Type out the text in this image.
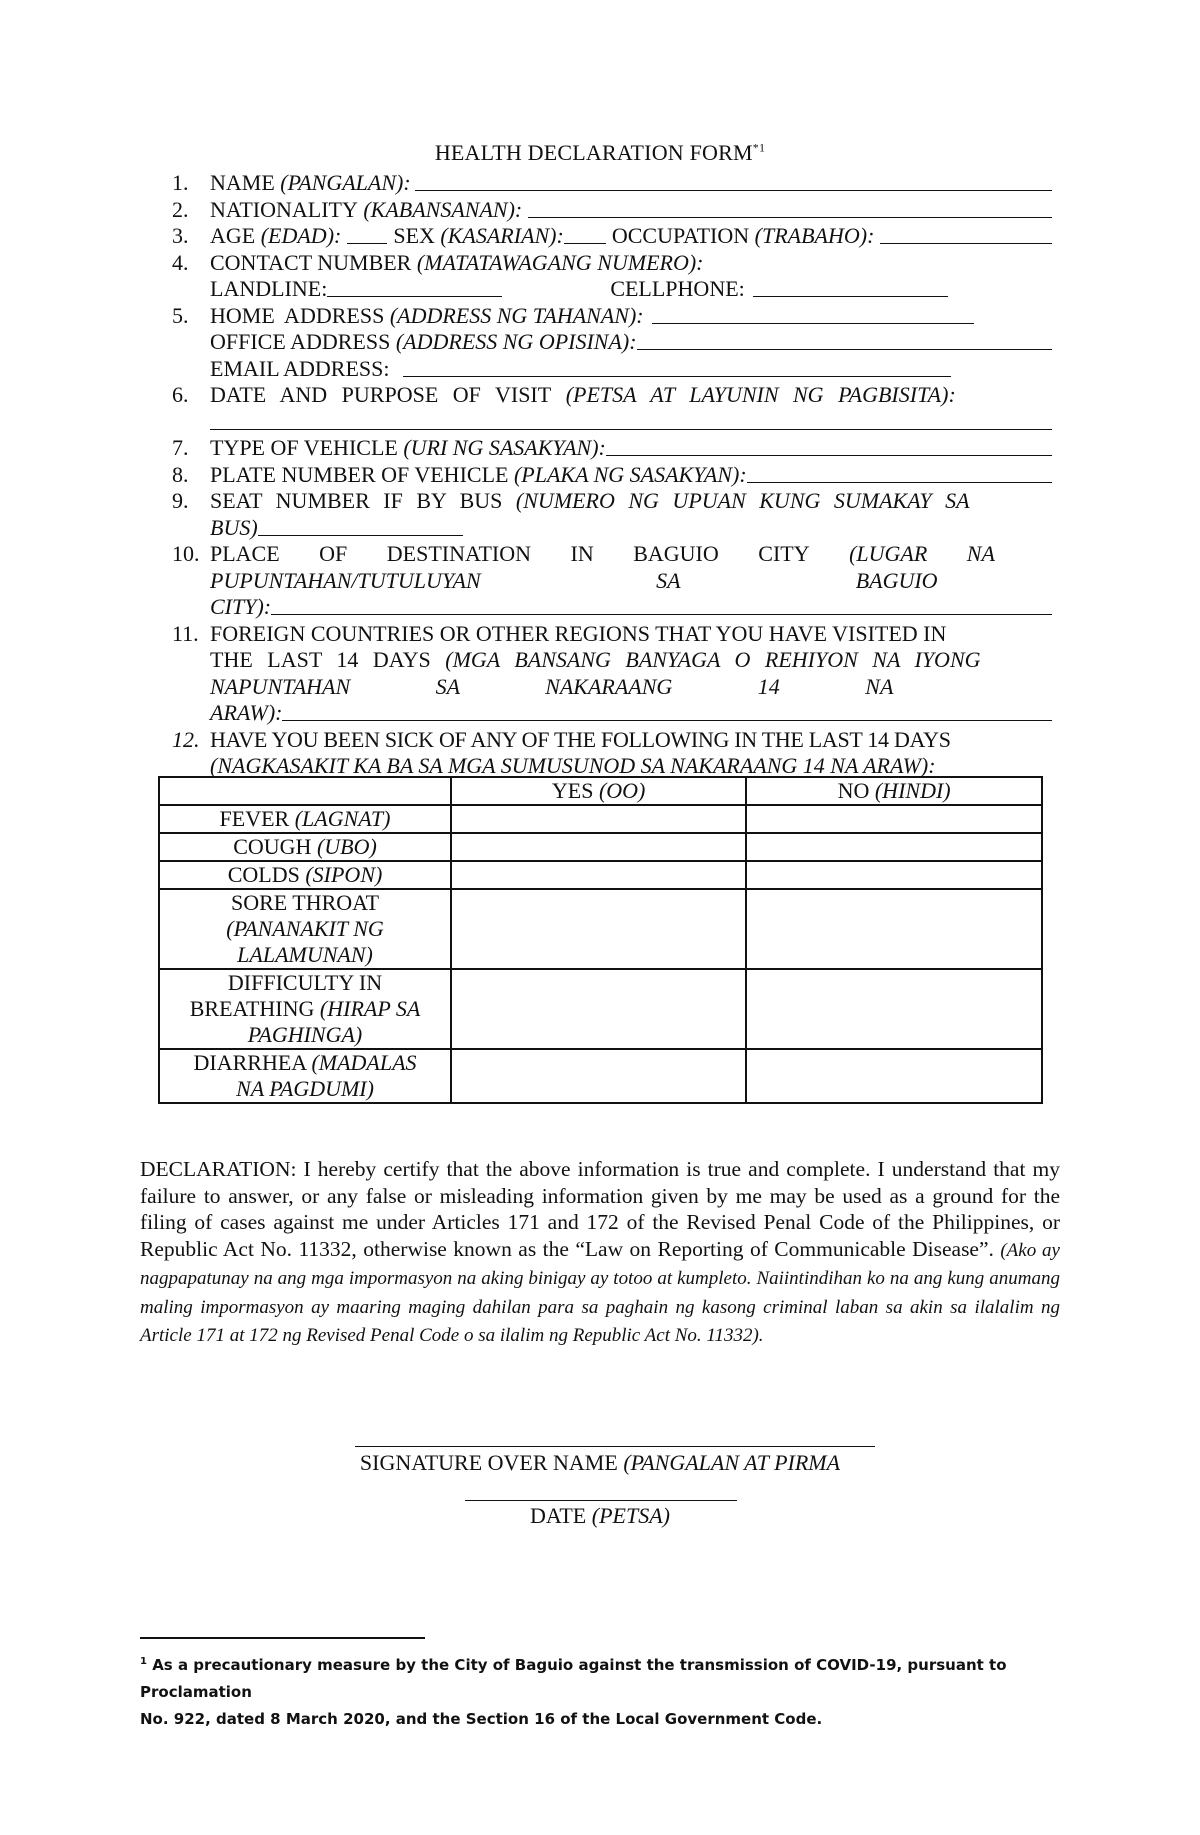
HEALTH DECLARATION FORM$^{*1}$
1. NAME
(PANGALAN):
2. NATIONALITY
(KABANSANAN):
3. AGE
(EDAD): SEX
(KASARIAN): OCCUPATION
(TRABAHO):
4. CONTACT NUMBER (MATATAWAGANG NUMERO):
LANDLINE:	CELLPHONE:
5. HOME ADDRESS
(ADDRESS NG TAHANAN):
OFFICE ADDRESS
(ADDRESS NG OPISINA):
EMAIL ADDRESS:
6. DATE AND PURPOSE OF VISIT (PETSA AT LAYUNIN NG PAGBISITA):
7. TYPE OF VEHICLE
(URI NG SASAKYAN):
8. PLATE NUMBER OF VEHICLE
(PLAKA NG SASAKYAN):
9. SEAT NUMBER IF BY BUS (NUMERO NG UPUAN KUNG SUMAKAY SA
BUS)
10. PLACE OF DESTINATION IN BAGUIO CITY (LUGAR NA
PUPUNTAHAN/TUTULUYAN SA BAGUIO
CITY):
11. FOREIGN COUNTRIES OR OTHER REGIONS THAT YOU HAVE VISITED IN
THE LAST 14 DAYS (MGA BANSANG BANYAGA O REHIYON NA IYONG
NAPUNTAHAN SA NAKARAANG 14 NA
ARAW):
12. HAVE YOU BEEN SICK OF ANY OF THE FOLLOWING IN THE LAST 14 DAYS
(NAGKASAKIT KA BA SA MGA SUMUSUNOD SA NAKARAANG 14 NA ARAW):
	YES (OO)	NO (HINDI)
FEVER (LAGNAT)		
COUGH (UBO)		
COLDS (SIPON)		
SORE THROAT
(PANANAKIT NG
LALAMUNAN)		
DIFFICULTY IN
BREATHING (HIRAP SA
PAGHINGA)		
DIARRHEA (MADALAS
NA PAGDUMI)		
DECLARATION: I hereby certify that the above information is true and complete. I understand that my failure to answer, or any false or misleading information given by me may be used as a ground for the filing of cases against me under Articles 171 and 172 of the Revised Penal Code of the Philippines, or Republic Act No. 11332, otherwise known as the “Law on Reporting of Communicable Disease”. (Ako ay nagpapatunay na ang mga impormasyon na aking binigay ay totoo at kumpleto. Naiintindihan ko na ang kung anumang maling impormasyon ay maaring maging dahilan para sa paghain ng kasong criminal laban sa akin sa ilalalim ng Article 171 at 172 ng Revised Penal Code o sa ilalim ng Republic Act No. 11332).
SIGNATURE OVER NAME (PANGALAN AT PIRMA
DATE (PETSA)
$^1$ As a precautionary measure by the City of Baguio against the transmission of COVID-19, pursuant to Proclamation
No. 922, dated 8 March 2020, and the Section 16 of the Local Government Code.
